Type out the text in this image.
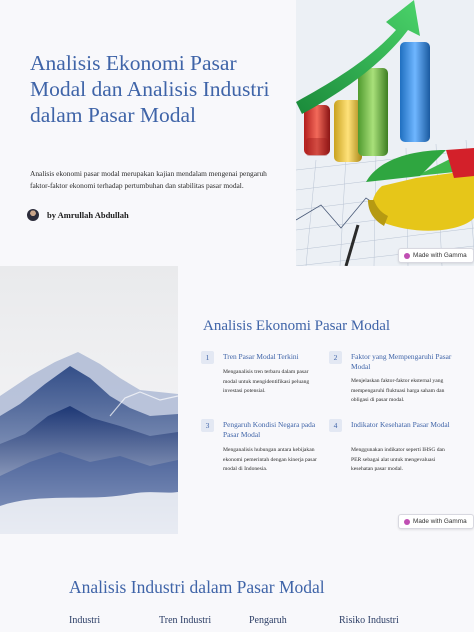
Analisis Ekonomi Pasar Modal dan Analisis Industri dalam Pasar Modal
Analisis ekonomi pasar modal merupakan kajian mendalam mengenai pengaruh faktor-faktor ekonomi terhadap pertumbuhan dan stabilitas pasar modal.
by Amrullah Abdullah
Made with Gamma
Analisis Ekonomi Pasar Modal
1	Tren Pasar Modal Terkini
Menganalisis tren terbaru dalam pasar modal untuk mengidentifikasi peluang investasi potensial.
2	Faktor yang Mempengaruhi Pasar Modal
Menjelaskan faktor-faktor eksternal yang mempengaruhi fluktuasi harga saham dan obligasi di pasar modal.
3	Pengaruh Kondisi Negara pada Pasar Modal
Menganalisis hubungan antara kebijakan ekonomi pemerintah dengan kinerja pasar modal di Indonesia.
4	Indikator Kesehatan Pasar Modal
Menggunakan indikator seperti IHSG dan PER sebagai alat untuk mengevaluasi kesehatan pasar modal.
Made with Gamma
Analisis Industri dalam Pasar Modal
Industri	Tren Industri	Pengaruh	Risiko Industri
